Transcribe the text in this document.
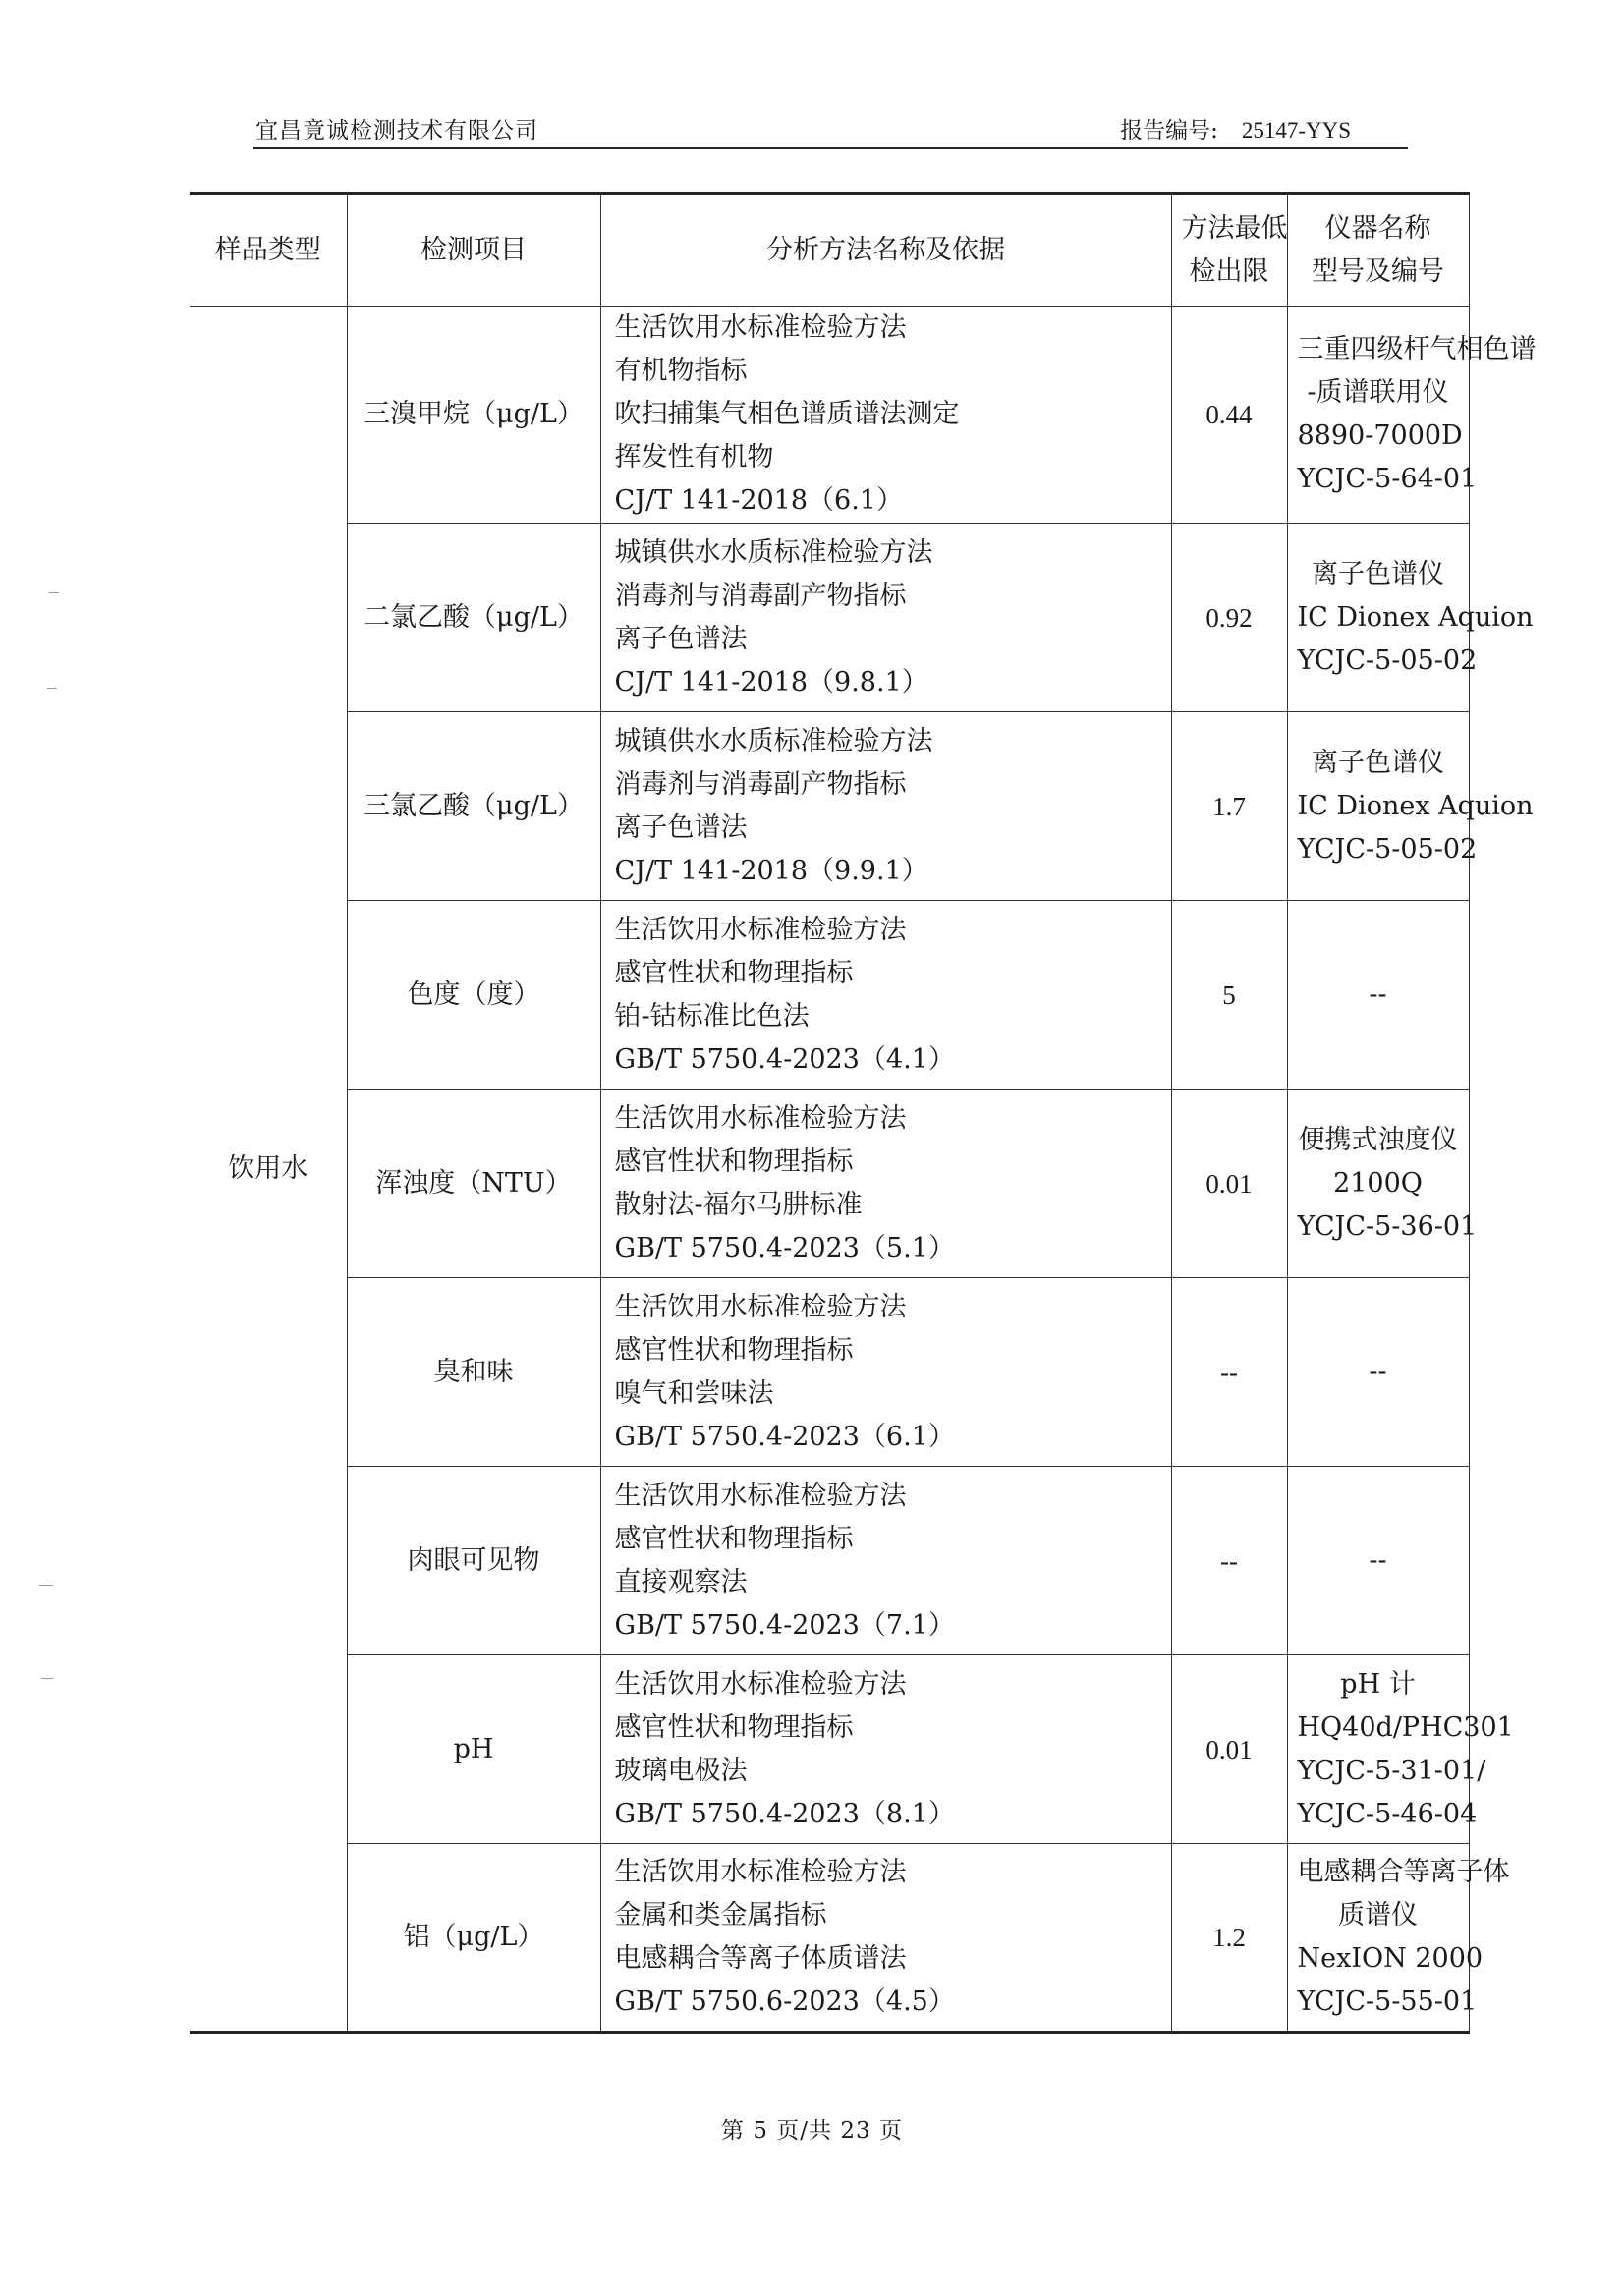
宜昌竟诚检测技术有限公司	报告编号: 25147-YYS
样品类型	检测项目	分析方法名称及依据	方法最低
检出限	仪器名称
型号及编号

饮用水	三溴甲烷（μg/L）	生活饮用水标准检验方法
有机物指标
吹扫捕集气相色谱质谱法测定
挥发性有机物
CJ/T 141-2018（6.1）	0.44	三重四级杆气相色谱
-质谱联用仪
8890-7000D
YCJC-5-64-01

	二氯乙酸（μg/L）	城镇供水水质标准检验方法
消毒剂与消毒副产物指标
离子色谱法
CJ/T 141-2018（9.8.1）	0.92	离子色谱仪
IC Dionex Aquion
YCJC-5-05-02

	三氯乙酸（μg/L）	城镇供水水质标准检验方法
消毒剂与消毒副产物指标
离子色谱法
CJ/T 141-2018（9.9.1）	1.7	离子色谱仪
IC Dionex Aquion
YCJC-5-05-02

	色度（度）	生活饮用水标准检验方法
感官性状和物理指标
铂-钴标准比色法
GB/T 5750.4-2023（4.1）	5	--

	浑浊度（NTU）	生活饮用水标准检验方法
感官性状和物理指标
散射法-福尔马肼标准
GB/T 5750.4-2023（5.1）	0.01	便携式浊度仪
2100Q
YCJC-5-36-01

	臭和味	生活饮用水标准检验方法
感官性状和物理指标
嗅气和尝味法
GB/T 5750.4-2023（6.1）	--	--

	肉眼可见物	生活饮用水标准检验方法
感官性状和物理指标
直接观察法
GB/T 5750.4-2023（7.1）	--	--

	pH	生活饮用水标准检验方法
感官性状和物理指标
玻璃电极法
GB/T 5750.4-2023（8.1）	0.01	pH 计
HQ40d/PHC301
YCJC-5-31-01/
YCJC-5-46-04

	铝（μg/L）	生活饮用水标准检验方法
金属和类金属指标
电感耦合等离子体质谱法
GB/T 5750.6-2023（4.5）	1.2	电感耦合等离子体
质谱仪
NexION 2000
YCJC-5-55-01
第 5 页/共 23 页
